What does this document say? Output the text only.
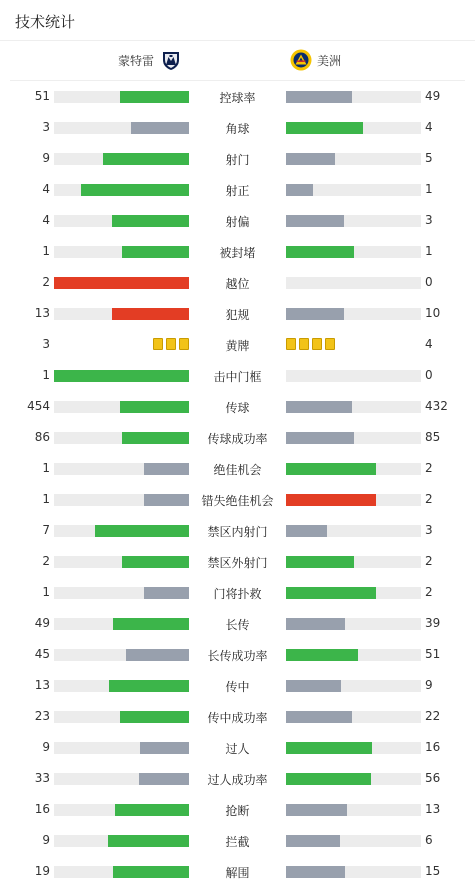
技术统计
蒙特雷	美洲
51	控球率	49
3	角球	4
9	射门	5
4	射正	1
4	射偏	3
1	被封堵	1
2	越位	0
13	犯规	10
3	黄牌	4
1	击中门框	0
454	传球	432
86	传球成功率	85
1	绝佳机会	2
1	错失绝佳机会	2
7	禁区内射门	3
2	禁区外射门	2
1	门将扑救	2
49	长传	39
45	长传成功率	51
13	传中	9
23	传中成功率	22
9	过人	16
33	过人成功率	56
16	抢断	13
9	拦截	6
19	解围	15
